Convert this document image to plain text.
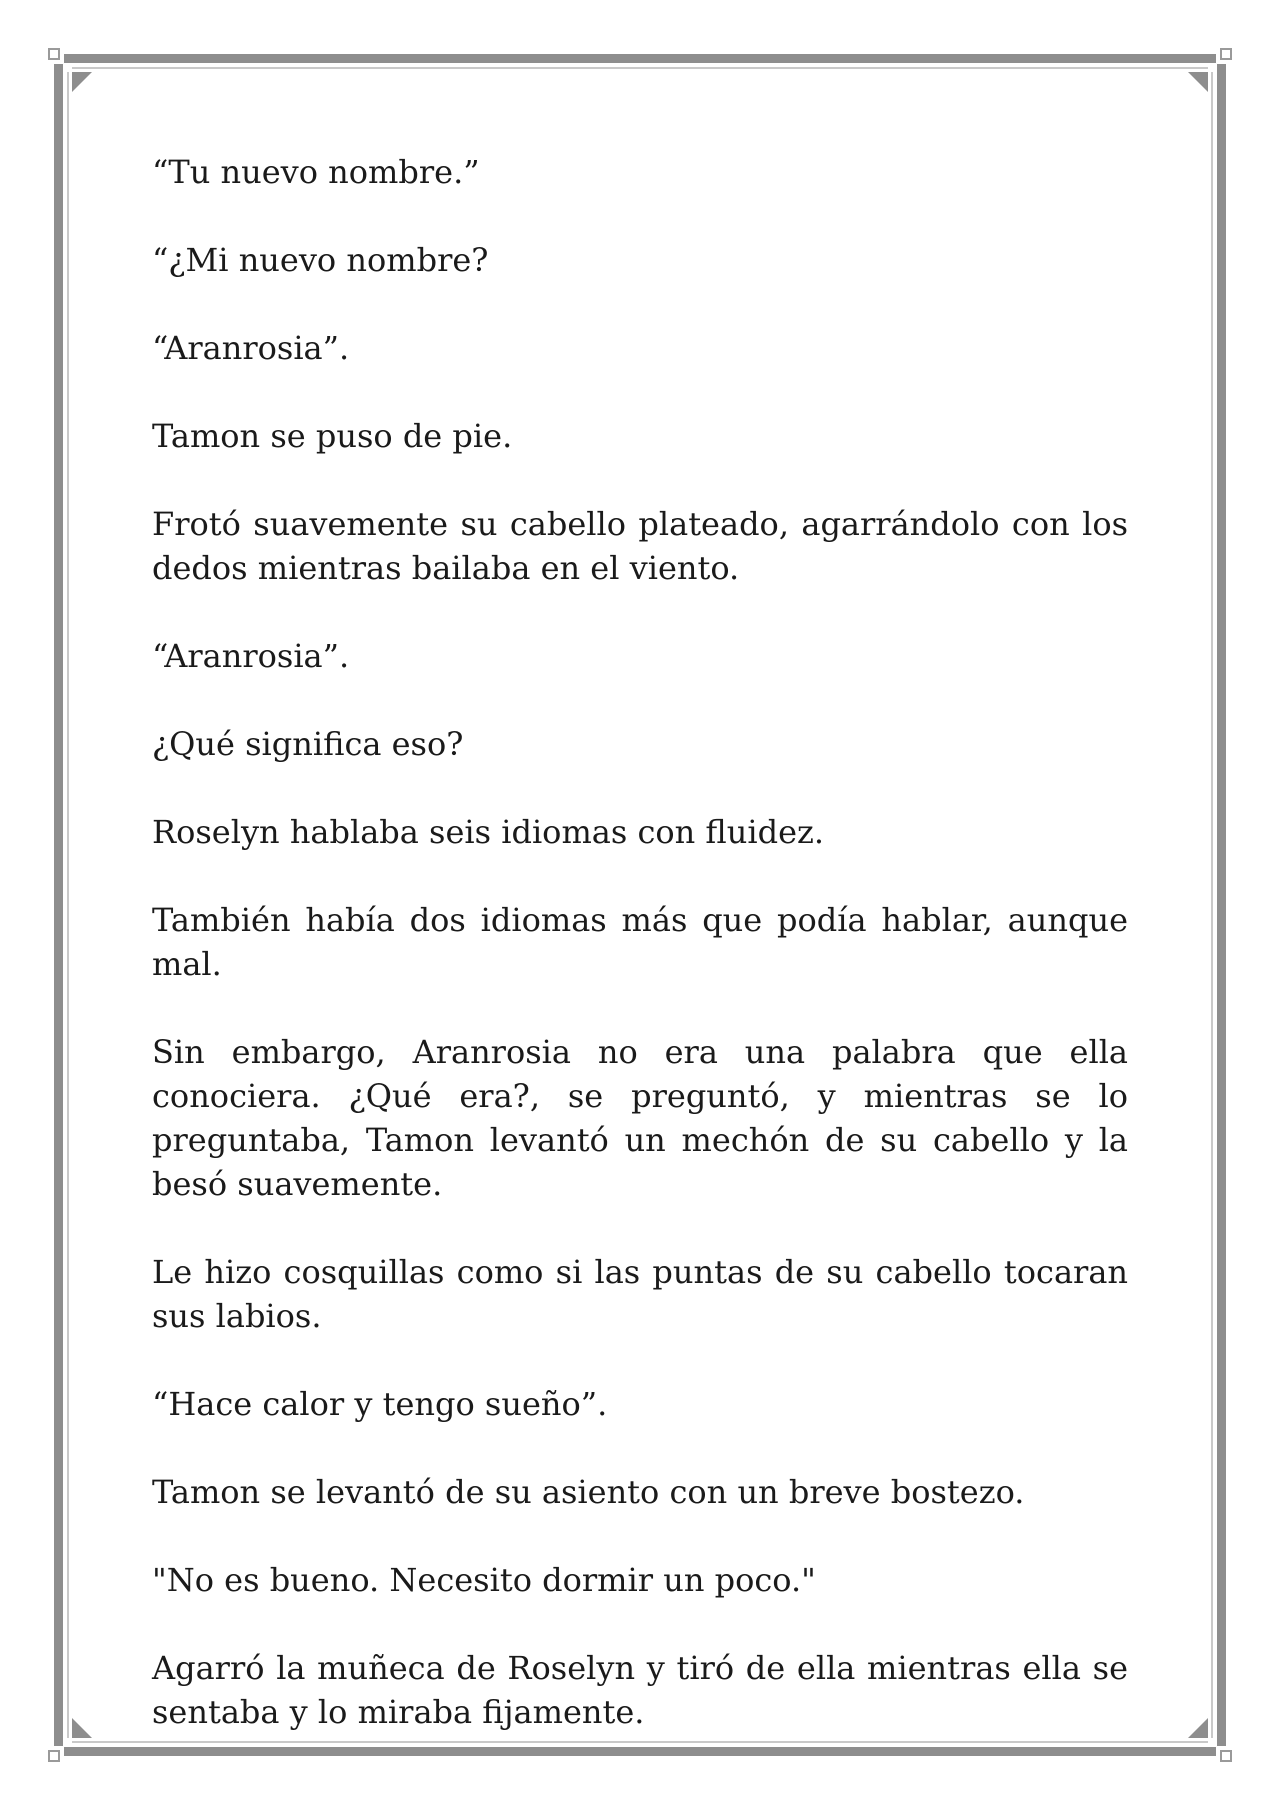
“Tu nuevo nombre.”

“¿Mi nuevo nombre?

“Aranrosia”.

Tamon se puso de pie.

Frotó suavemente su cabello plateado, agarrándolo con los dedos mientras bailaba en el viento.

“Aranrosia”.

¿Qué significa eso?

Roselyn hablaba seis idiomas con fluidez.

También había dos idiomas más que podía hablar, aunque mal.

Sin embargo, Aranrosia no era una palabra que ella conociera. ¿Qué era?, se preguntó, y mientras se lo preguntaba, Tamon levantó un mechón de su cabello y la besó suavemente.

Le hizo cosquillas como si las puntas de su cabello tocaran sus labios.

“Hace calor y tengo sueño”.

Tamon se levantó de su asiento con un breve bostezo.

"No es bueno. Necesito dormir un poco."

Agarró la muñeca de Roselyn y tiró de ella mientras ella se sentaba y lo miraba fijamente.
